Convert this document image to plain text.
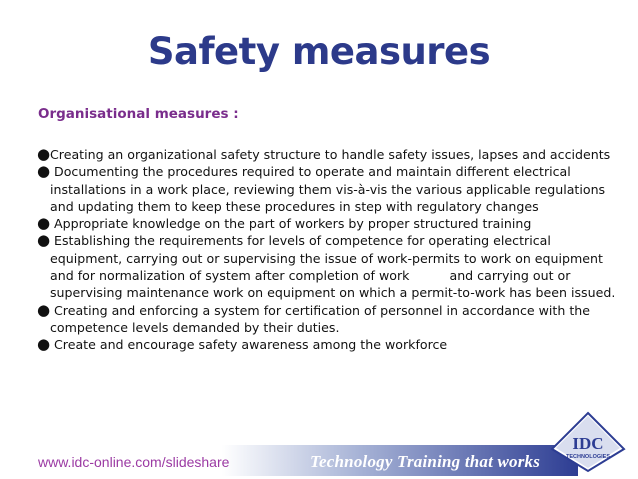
Safety measures
Organisational measures :
●Creating an organizational safety structure to handle safety issues, lapses and accidents
● Documenting the procedures required to operate and maintain different electrical installations in a work place, reviewing them vis-à-vis the various applicable regulations  and updating them to keep these procedures in step with regulatory changes
● Appropriate knowledge on the part of workers by proper structured training
● Establishing the requirements for levels of competence for operating electrical equipment, carrying out or supervising the issue of work-permits to work on equipment and for normalization of system after completion of work          and carrying out or supervising maintenance work on equipment on which a permit-to-work has been issued.
● Creating and enforcing a system for certification of personnel in accordance with the competence levels demanded by their duties.
● Create and encourage safety awareness among the workforce
www.idc-online.com/slideshare	Technology Training that works
IDC
TECHNOLOGIES
